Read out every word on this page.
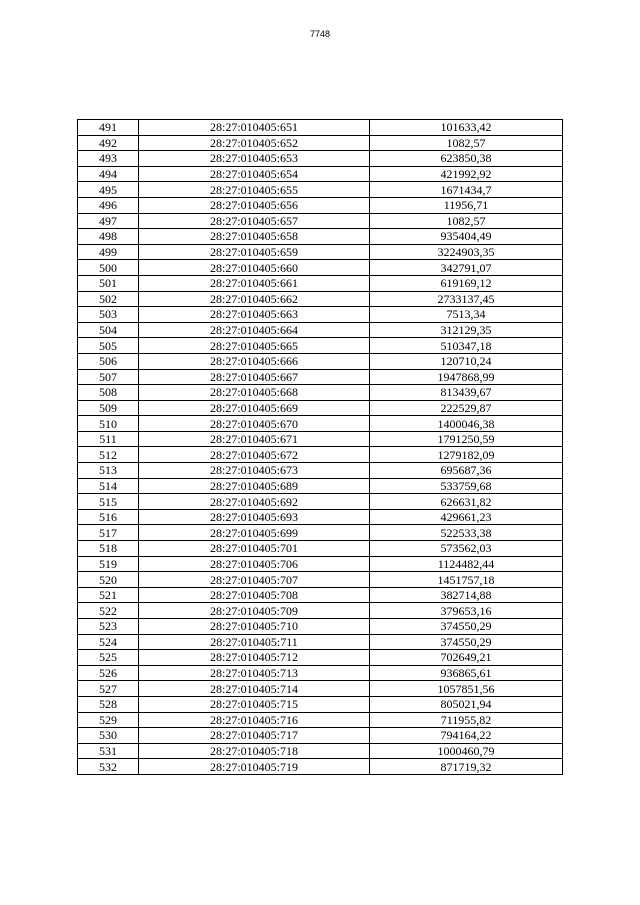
7748
491	28:27:010405:651	101633,42
492	28:27:010405:652	1082,57
493	28:27:010405:653	623850,38
494	28:27:010405:654	421992,92
495	28:27:010405:655	1671434,7
496	28:27:010405:656	11956,71
497	28:27:010405:657	1082,57
498	28:27:010405:658	935404,49
499	28:27:010405:659	3224903,35
500	28:27:010405:660	342791,07
501	28:27:010405:661	619169,12
502	28:27:010405:662	2733137,45
503	28:27:010405:663	7513,34
504	28:27:010405:664	312129,35
505	28:27:010405:665	510347,18
506	28:27:010405:666	120710,24
507	28:27:010405:667	1947868,99
508	28:27:010405:668	813439,67
509	28:27:010405:669	222529,87
510	28:27:010405:670	1400046,38
511	28:27:010405:671	1791250,59
512	28:27:010405:672	1279182,09
513	28:27:010405:673	695687,36
514	28:27:010405:689	533759,68
515	28:27:010405:692	626631,82
516	28:27:010405:693	429661,23
517	28:27:010405:699	522533,38
518	28:27:010405:701	573562,03
519	28:27:010405:706	1124482,44
520	28:27:010405:707	1451757,18
521	28:27:010405:708	382714,88
522	28:27:010405:709	379653,16
523	28:27:010405:710	374550,29
524	28:27:010405:711	374550,29
525	28:27:010405:712	702649,21
526	28:27:010405:713	936865,61
527	28:27:010405:714	1057851,56
528	28:27:010405:715	805021,94
529	28:27:010405:716	711955,82
530	28:27:010405:717	794164,22
531	28:27:010405:718	1000460,79
532	28:27:010405:719	871719,32
